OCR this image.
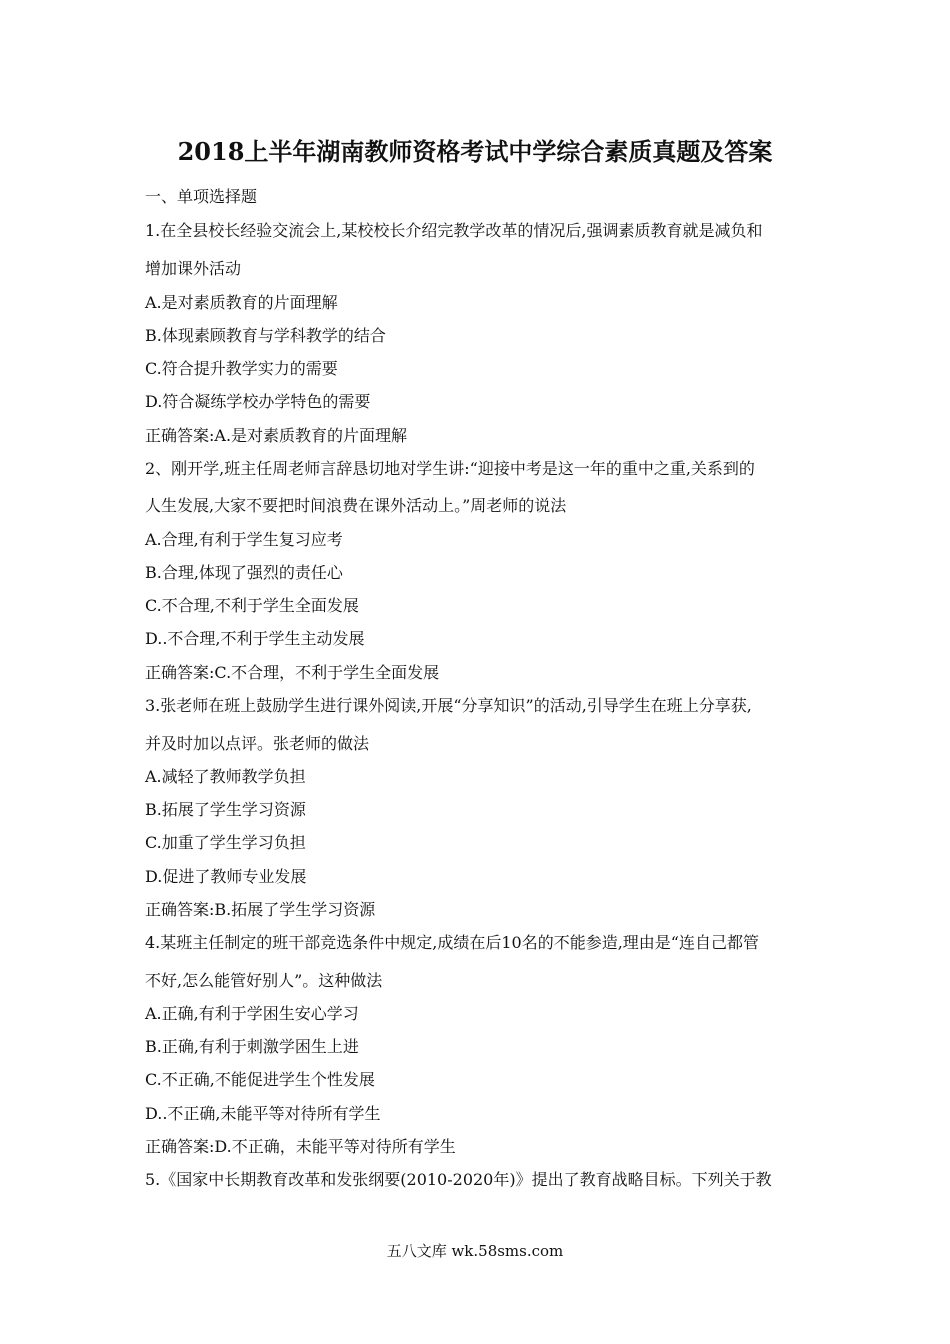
2018上半年湖南教师资格考试中学综合素质真题及答案
一、单项选择题
1.在全县校长经验交流会上,某校校长介绍完教学改革的情况后,强调素质教育就是减负和
增加课外活动
A.是对素质教育的片面理解
B.体现素顾教育与学科教学的结合
C.符合提升教学实力的需要
D.符合凝练学校办学特色的需要
正确答案:A.是对素质教育的片面理解
2、刚开学,班主任周老师言辞恳切地对学生讲:“迎接中考是这一年的重中之重,关系到的
人生发展,大家不要把时间浪费在课外活动上。”周老师的说法
A.合理,有利于学生复习应考
B.合理,体现了强烈的责任心
C.不合理,不利于学生全面发展
D..不合理,不利于学生主动发展
正确答案:C.不合理，不利于学生全面发展
3.张老师在班上鼓励学生进行课外阅读,开展“分享知识”的活动,引导学生在班上分享获,
并及时加以点评。张老师的做法
A.减轻了教师教学负担
B.拓展了学生学习资源
C.加重了学生学习负担
D.促进了教师专业发展
正确答案:B.拓展了学生学习资源
4.某班主任制定的班干部竞选条件中规定,成绩在后10名的不能参造,理由是“连自己都管
不好,怎么能管好别人”。这种做法
A.正确,有利于学困生安心学习
B.正确,有利于刺激学困生上进
C.不正确,不能促进学生个性发展
D..不正确,未能平等对待所有学生
正确答案:D.不正确，未能平等对待所有学生
5.《国家中长期教育改革和发张纲要(2010-2020年)》提出了教育战略目标。下列关于教
五八文库 wk.58sms.com
